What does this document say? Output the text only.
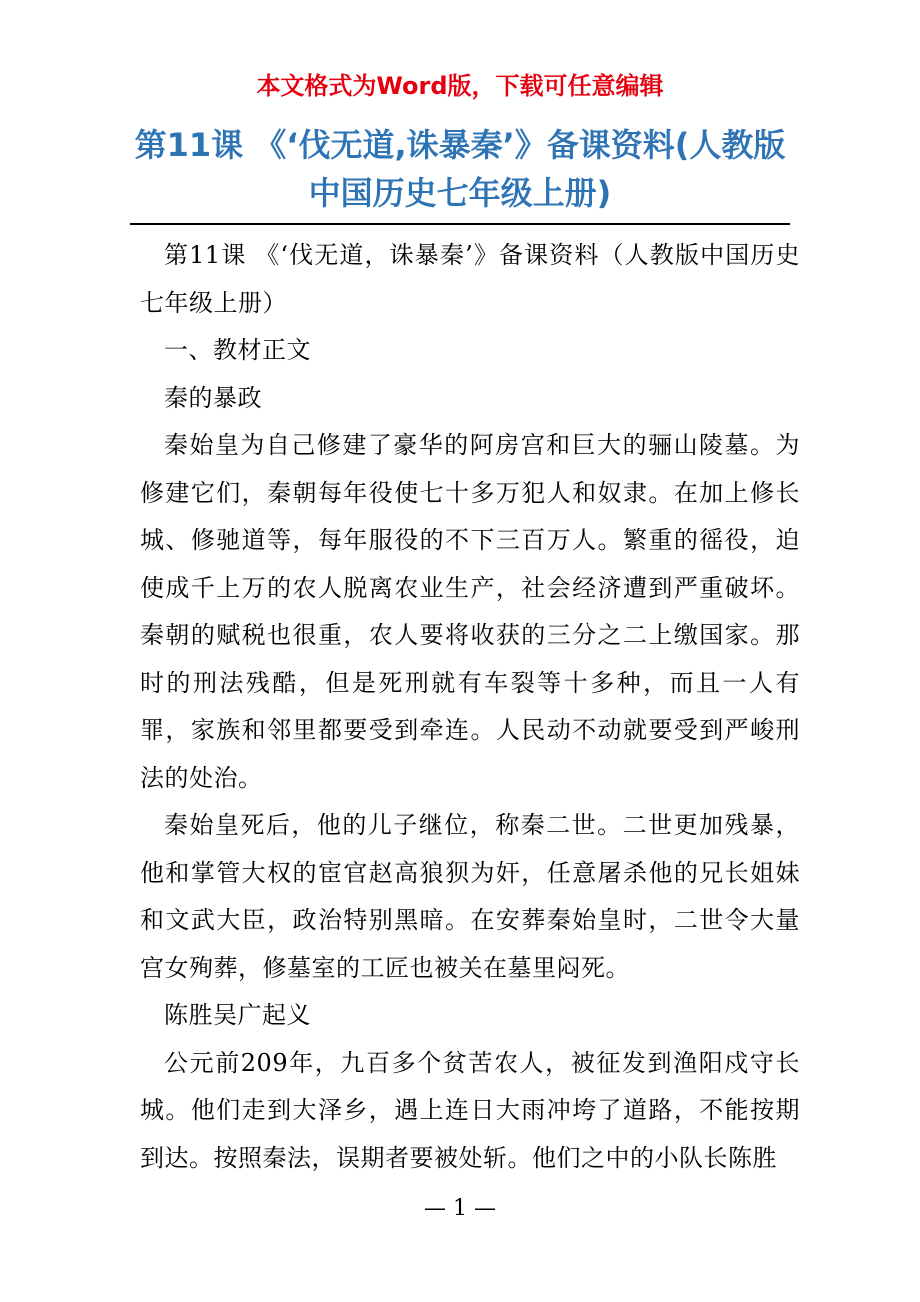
本文格式为Word版，下载可任意编辑
第11课 《‘伐无道,诛暴秦’》备课资料(人教版中国历史七年级上册)

第11课 《‘伐无道，诛暴秦’》备课资料（人教版中国历史七年级上册）

一、教材正文

秦的暴政

秦始皇为自己修建了豪华的阿房宫和巨大的骊山陵墓。为修建它们，秦朝每年役使七十多万犯人和奴隶。在加上修长城、修驰道等，每年服役的不下三百万人。繁重的徭役，迫使成千上万的农人脱离农业生产，社会经济遭到严重破坏。秦朝的赋税也很重，农人要将收获的三分之二上缴国家。那时的刑法残酷，但是死刑就有车裂等十多种，而且一人有罪，家族和邻里都要受到牵连。人民动不动就要受到严峻刑法的处治。

秦始皇死后，他的儿子继位，称秦二世。二世更加残暴，他和掌管大权的宦官赵高狼狈为奸，任意屠杀他的兄长姐妹和文武大臣，政治特别黑暗。在安葬秦始皇时，二世令大量宫女殉葬，修墓室的工匠也被关在墓里闷死。

陈胜吴广起义

公元前209年，九百多个贫苦农人，被征发到渔阳戍守长城。他们走到大泽乡，遇上连日大雨冲垮了道路，不能按期到达。按照秦法，误期者要被处斩。他们之中的小队长陈胜

— 1 —
